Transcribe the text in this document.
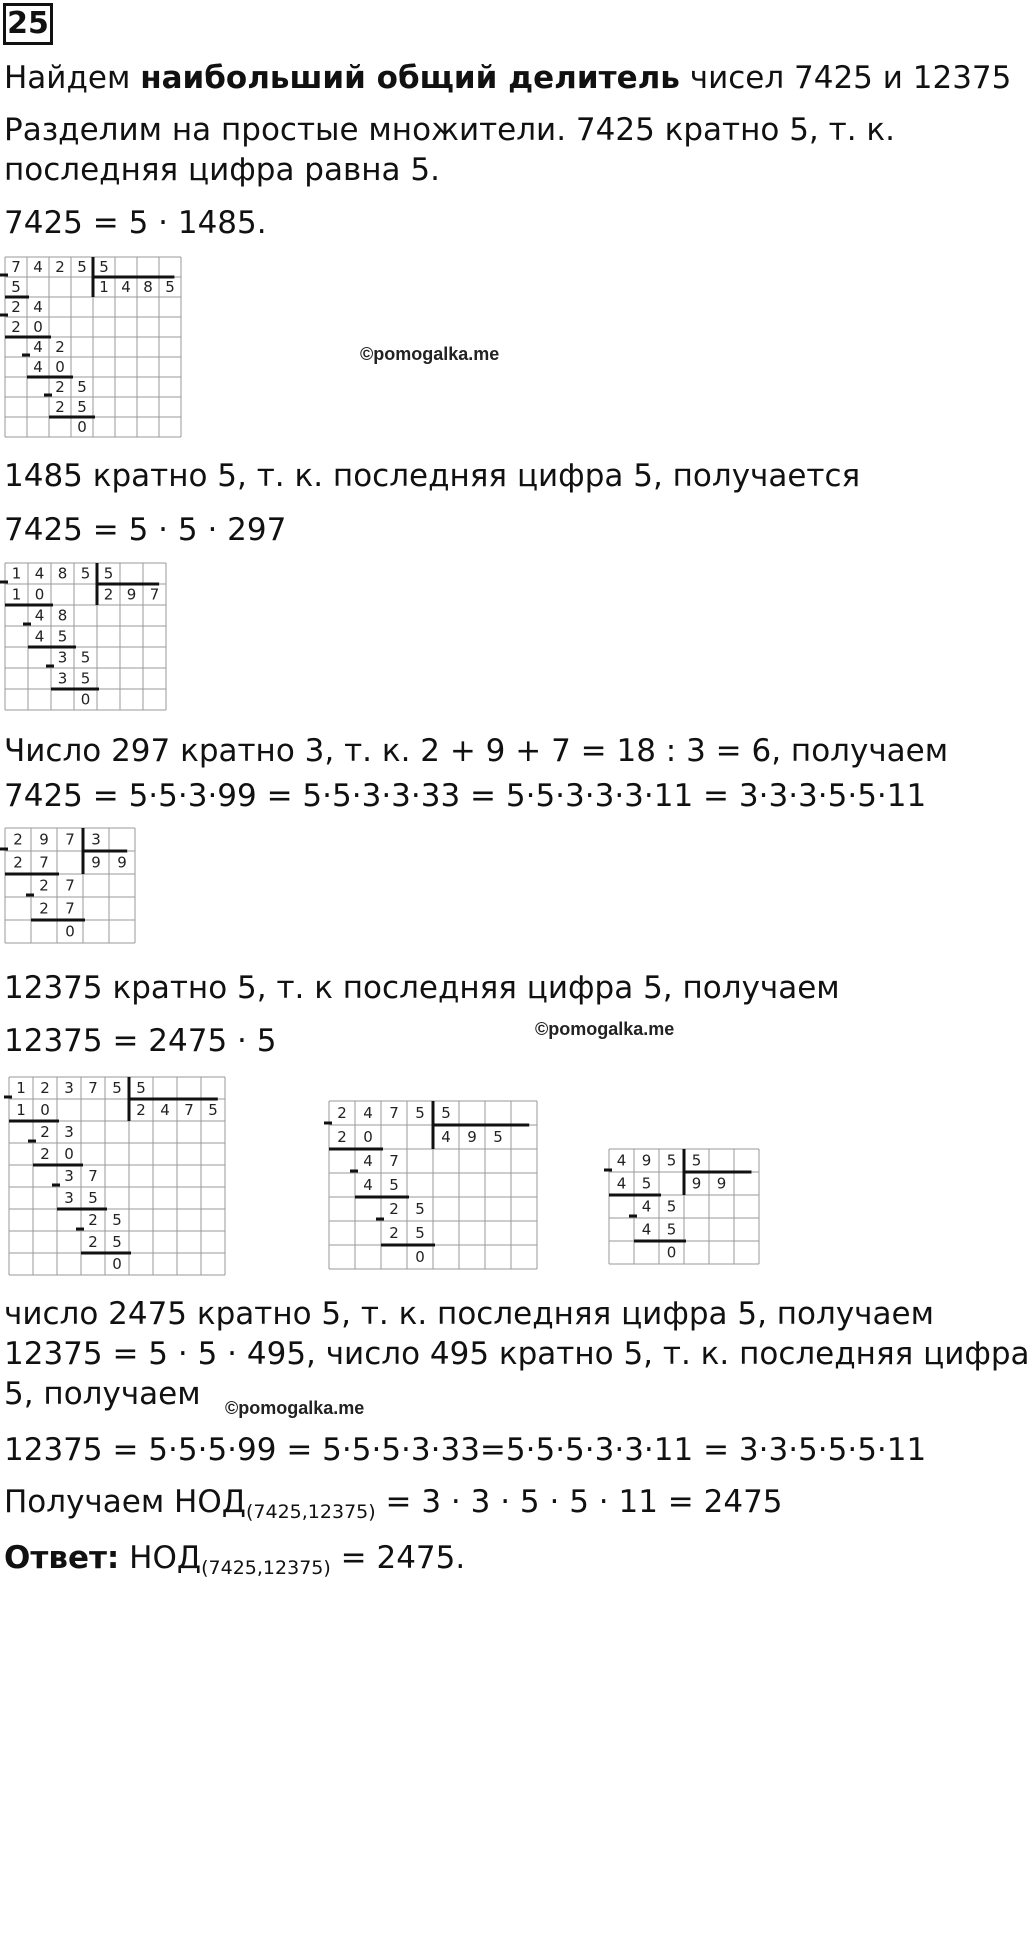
25
Найдем наибольший общий делитель чисел 7425 и 12375
Разделим на простые множители. 7425 кратно 5, т. к.
последняя цифра равна 5.
7425 = 5 · 1485.
7 4 2 5 5
5	1 4 8 5
2 4
2 0
4 2
4 0
2 5
2 5
0
©pomogalka.me
1485 кратно 5, т. к. последняя цифра 5, получается
7425 = 5 · 5 · 297
1 4 8 5 5
1 0	2 9 7
4 8
4 5
3 5
3 5
0
Число 297 кратно 3, т. к. 2 + 9 + 7 = 18 : 3 = 6, получаем
7425 = 5·5·3·99 = 5·5·3·3·33 = 5·5·3·3·3·11 = 3·3·3·5·5·11
2 9 7 3
2 7	9 9
2 7
2 7
0
12375 кратно 5, т. к последняя цифра 5, получаем
12375 = 2475 · 5	©pomogalka.me
1 2 3 7 5 5
1 0	2 4 7 5
2 3
2 0
3 7
3 5
2 5
2 5
0
2 4 7 5 5
2 0	4 9 5
4 7
4 5
2 5
2 5
0
4 9 5 5
4 5	9 9
4 5
4 5
0
число 2475 кратно 5, т. к. последняя цифра 5, получаем
12375 = 5 · 5 · 495, число 495 кратно 5, т. к. последняя цифра
5, получаем ©pomogalka.me
12375 = 5·5·5·99 = 5·5·5·3·33=5·5·5·3·3·11 = 3·3·5·5·5·11
Получаем $НОД_{(7425,12375)} = 3 \cdot 3 \cdot 5 \cdot 5 \cdot 11 = 2475$
Ответ: $НОД_{(7425,12375)} = 2475$.
